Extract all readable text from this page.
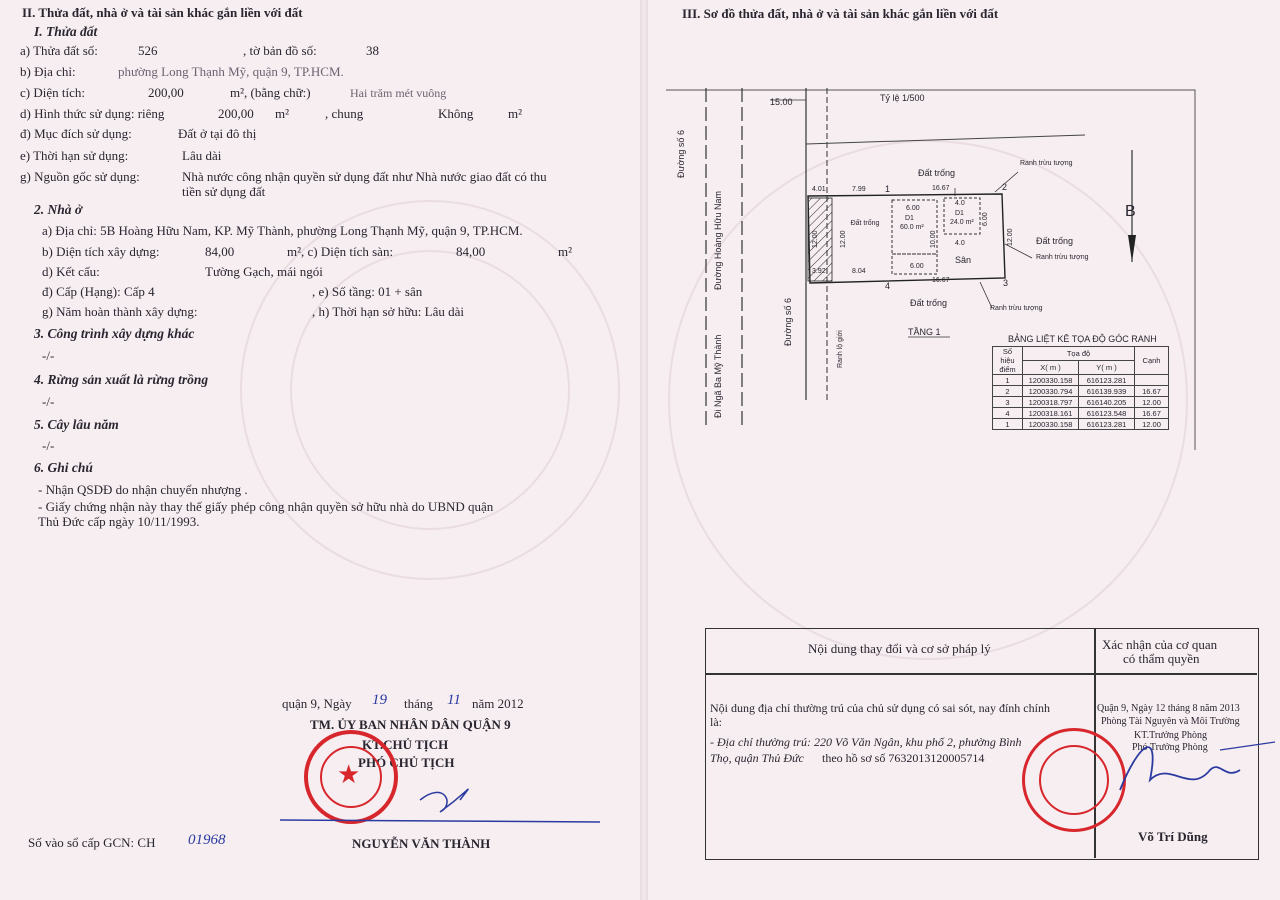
II. Thửa đất, nhà ở và tài sản khác gắn liền với đất
I. Thửa đất
a) Thửa đất số:	526	, tờ bản đồ số:	38
b) Địa chỉ:	phường Long Thạnh Mỹ, quận 9, TP.HCM.
c) Diện tích:	200,00	m², (bằng chữ:)	Hai trăm mét vuông
d) Hình thức sử dụng: riêng	200,00 m²	, chung	Không	m²
đ) Mục đích sử dụng:	Đất ở tại đô thị
e) Thời hạn sử dụng:	Lâu dài
g) Nguồn gốc sử dụng:	Nhà nước công nhận quyền sử dụng đất như Nhà nước giao đất có thu
tiền sử dụng đất
2. Nhà ở
a) Địa chỉ: 5B Hoàng Hữu Nam, KP. Mỹ Thành, phường Long Thạnh Mỹ, quận 9, TP.HCM.
b) Diện tích xây dựng:	84,00	m², c) Diện tích sàn:	84,00	m²
d) Kết cấu:	Tường Gạch, mái ngói
đ) Cấp (Hạng): Cấp 4	, e) Số tầng: 01 + sân
g) Năm hoàn thành xây dựng:	, h) Thời hạn sở hữu: Lâu dài
3. Công trình xây dựng khác
-/-
4. Rừng sản xuất là rừng trồng
-/-
5. Cây lâu năm
-/-
6. Ghi chú
- Nhận QSDĐ do nhận chuyển nhượng .
- Giấy chứng nhận này thay thế giấy phép công nhận quyền sở hữu nhà do UBND quận
Thủ Đức cấp ngày 10/11/1993.
quận 9, Ngày 19 tháng 11 năm 2012
TM. ỦY BAN NHÂN DÂN QUẬN 9
KT.CHỦ TỊCH
PHÓ CHỦ TỊCH
★
NGUYỄN VĂN THÀNH
Số vào sổ cấp GCN: CH 01968
III. Sơ đồ thửa đất, nhà ở và tài sản khác gắn liền với đất
Tỷ lệ 1/500
15.00
B
Đường số 6
Đường Hoàng Hữu Nam
Đi Ngã Ba Mỹ Thành
Đường số 6
Ranh lộ giới
Đất trống
Ranh trừu tượng
Đất trống
Ranh trừu tượng
Đất trống
Ranh trừu tượng
Đất trống
Sân
TẦNG 1
D1
60.0 m²
D1
24.0 m²
4.01	7.99	16.67
3.92	8.04
16.67
12.00	12.00	12.00
6.00
6.00
4.0
4.0
10.00
6.00
1	2
3
4
BẢNG LIỆT KÊ TỌA ĐỘ GÓC RANH
Số hiệu điểm	Tọa độ		Cạnh
	X( m )	Y( m )	
1	1200330.158	616123.281	
2	1200330.794	616139.939	16.67
3	1200318.797	616140.205	12.00
4	1200318.161	616123.548	16.67
1	1200330.158	616123.281	12.00
Nội dung thay đổi và cơ sở pháp lý	Xác nhận của cơ quan
có thẩm quyền
Nội dung địa chỉ thường trú của chủ sử dụng có sai sót, nay đính chính
là:
- Địa chỉ thường trú: 220 Võ Văn Ngân, khu phố 2, phường Bình
Thọ, quận Thủ Đức theo hồ sơ số 7632013120005714
Quận 9, Ngày 12 tháng 8 năm 2013
Phòng Tài Nguyên và Môi Trường
KT.Trưởng Phòng
Phó Trưởng Phòng
Võ Trí Dũng
